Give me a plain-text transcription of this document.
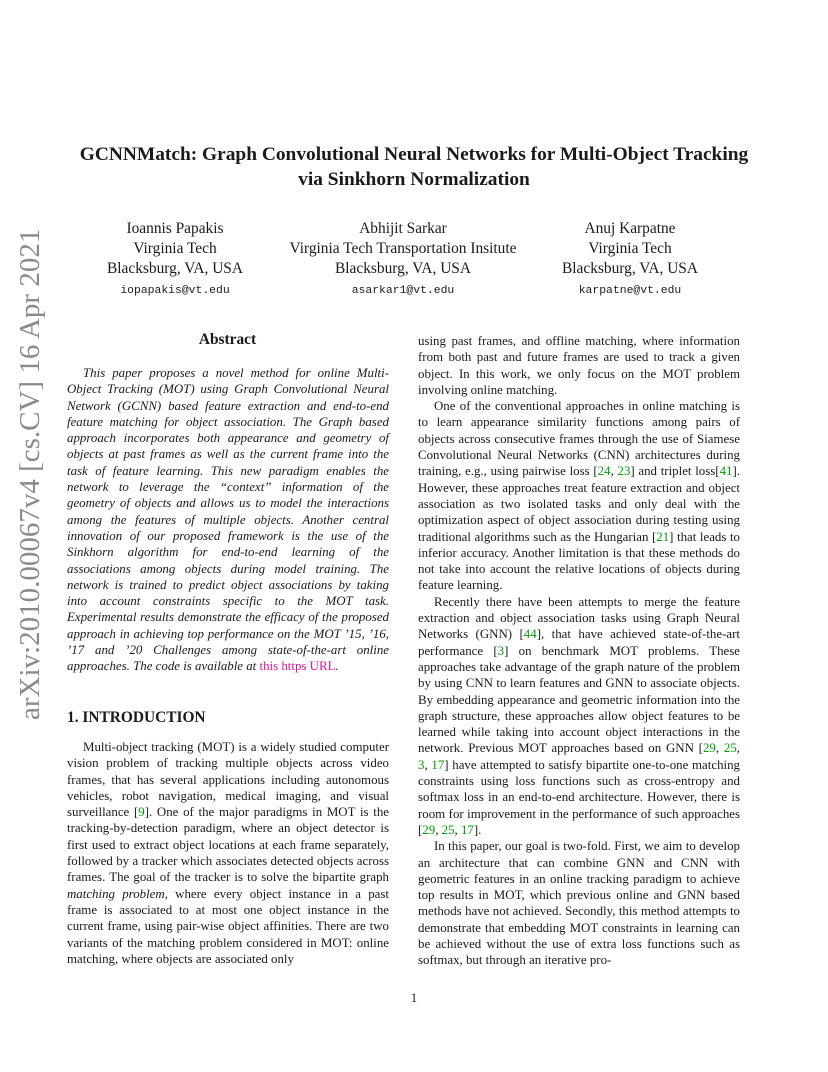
arXiv:2010.00067v4 [cs.CV] 16 Apr 2021
GCNNMatch: Graph Convolutional Neural Networks for Multi-Object Tracking
via Sinkhorn Normalization
Ioannis Papakis
Virginia Tech
Blacksburg, VA, USA
iopapakis@vt.edu
Abhijit Sarkar
Virginia Tech Transportation Insitute
Blacksburg, VA, USA
asarkar1@vt.edu
Anuj Karpatne
Virginia Tech
Blacksburg, VA, USA
karpatne@vt.edu
Abstract

This paper proposes a novel method for online Multi-Object Tracking (MOT) using Graph Convolutional Neural Network (GCNN) based feature extraction and end-to-end feature matching for object association. The Graph based approach incorporates both appearance and geometry of objects at past frames as well as the current frame into the task of feature learning. This new paradigm enables the network to leverage the “context” information of the geometry of objects and allows us to model the interactions among the features of multiple objects. Another central innovation of our proposed framework is the use of the Sinkhorn algorithm for end-to-end learning of the associations among objects during model training. The network is trained to predict object associations by taking into account constraints specific to the MOT task. Experimental results demonstrate the efficacy of the proposed approach in achieving top performance on the MOT ’15, ’16, ’17 and ’20 Challenges among state-of-the-art online approaches. The code is available at this https URL.

1. INTRODUCTION

Multi-object tracking (MOT) is a widely studied computer vision problem of tracking multiple objects across video frames, that has several applications including autonomous vehicles, robot navigation, medical imaging, and visual surveillance [9]. One of the major paradigms in MOT is the tracking-by-detection paradigm, where an object detector is first used to extract object locations at each frame separately, followed by a tracker which associates detected objects across frames. The goal of the tracker is to solve the bipartite graph matching problem, where every object instance in a past frame is associated to at most one object instance in the current frame, using pair-wise object affinities. There are two variants of the matching problem considered in MOT: online matching, where objects are associated only

using past frames, and offline matching, where information from both past and future frames are used to track a given object. In this work, we only focus on the MOT problem involving online matching.

One of the conventional approaches in online matching is to learn appearance similarity functions among pairs of objects across consecutive frames through the use of Siamese Convolutional Neural Networks (CNN) architectures during training, e.g., using pairwise loss [24, 23] and triplet loss[41]. However, these approaches treat feature extraction and object association as two isolated tasks and only deal with the optimization aspect of object association during testing using traditional algorithms such as the Hungarian [21] that leads to inferior accuracy. Another limitation is that these methods do not take into account the relative locations of objects during feature learning.

Recently there have been attempts to merge the feature extraction and object association tasks using Graph Neural Networks (GNN) [44], that have achieved state-of-the-art performance [3] on benchmark MOT problems. These approaches take advantage of the graph nature of the problem by using CNN to learn features and GNN to associate objects. By embedding appearance and geometric information into the graph structure, these approaches allow object features to be learned while taking into account object interactions in the network. Previous MOT approaches based on GNN [29, 25, 3, 17] have attempted to satisfy bipartite one-to-one matching constraints using loss functions such as cross-entropy and softmax loss in an end-to-end architecture. However, there is room for improvement in the performance of such approaches [29, 25, 17].

In this paper, our goal is two-fold. First, we aim to develop an architecture that can combine GNN and CNN with geometric features in an online tracking paradigm to achieve top results in MOT, which previous online and GNN based methods have not achieved. Secondly, this method attempts to demonstrate that embedding MOT constraints in learning can be achieved without the use of extra loss functions such as softmax, but through an iterative pro-

1
